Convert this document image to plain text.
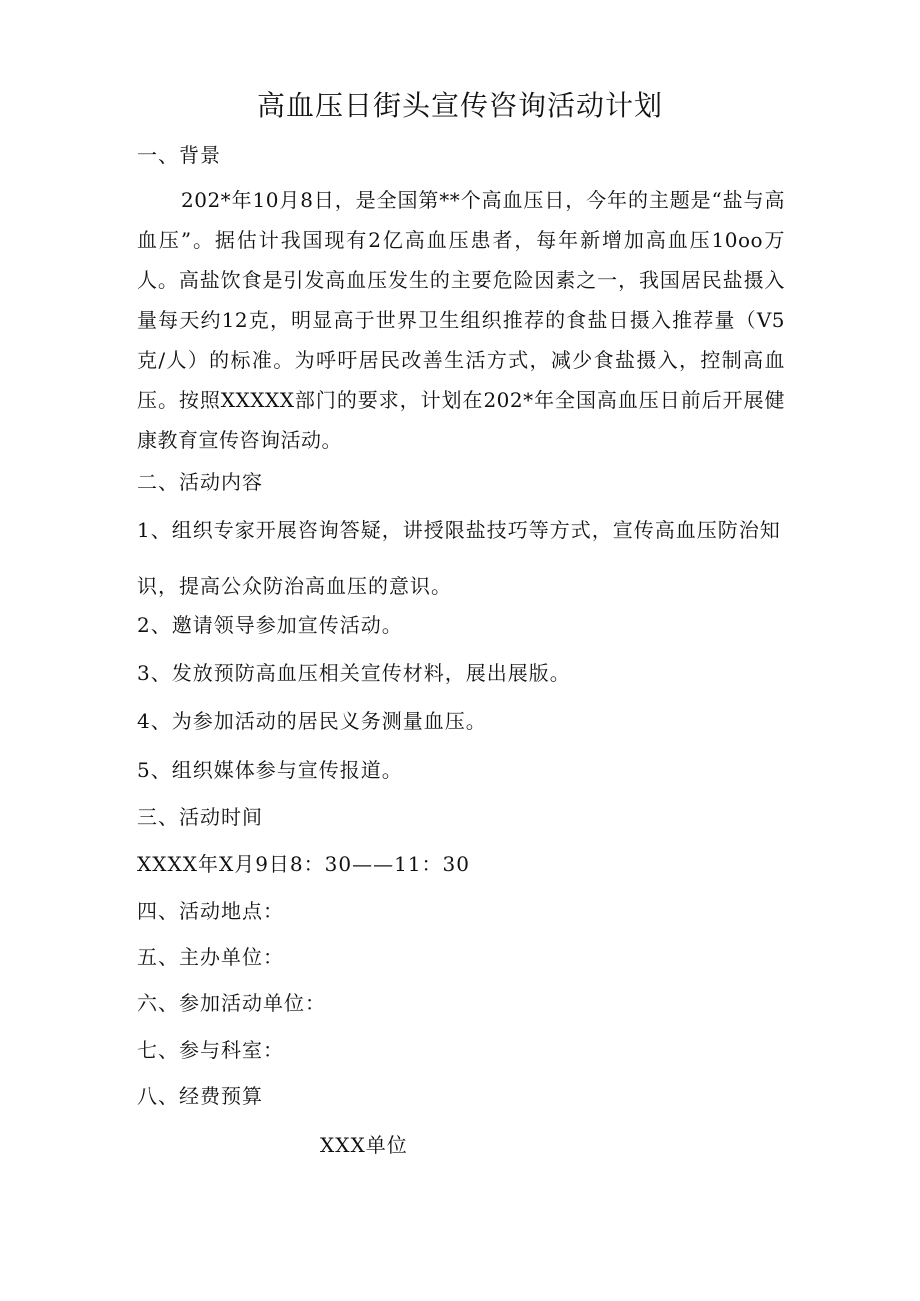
高血压日街头宣传咨询活动计划

一、背景

202*年10月8日，是全国第**个高血压日，今年的主题是“盐与高血压”。据估计我国现有2亿高血压患者，每年新增加高血压10oo万人。高盐饮食是引发高血压发生的主要危险因素之一，我国居民盐摄入量每天约12克，明显高于世界卫生组织推荐的食盐日摄入推荐量（V5克/人）的标准。为呼吁居民改善生活方式，减少食盐摄入，控制高血压。按照XXXXX部门的要求，计划在202*年全国高血压日前后开展健康教育宣传咨询活动。

二、活动内容

1、组织专家开展咨询答疑，讲授限盐技巧等方式，宣传高血压防治知识，提高公众防治高血压的意识。

2、邀请领导参加宣传活动。

3、发放预防高血压相关宣传材料，展出展版。

4、为参加活动的居民义务测量血压。

5、组织媒体参与宣传报道。

三、活动时间

XXXX年X月9日8：30——11：30

四、活动地点：

五、主办单位：

六、参加活动单位：

七、参与科室：

八、经费预算

XXX单位
